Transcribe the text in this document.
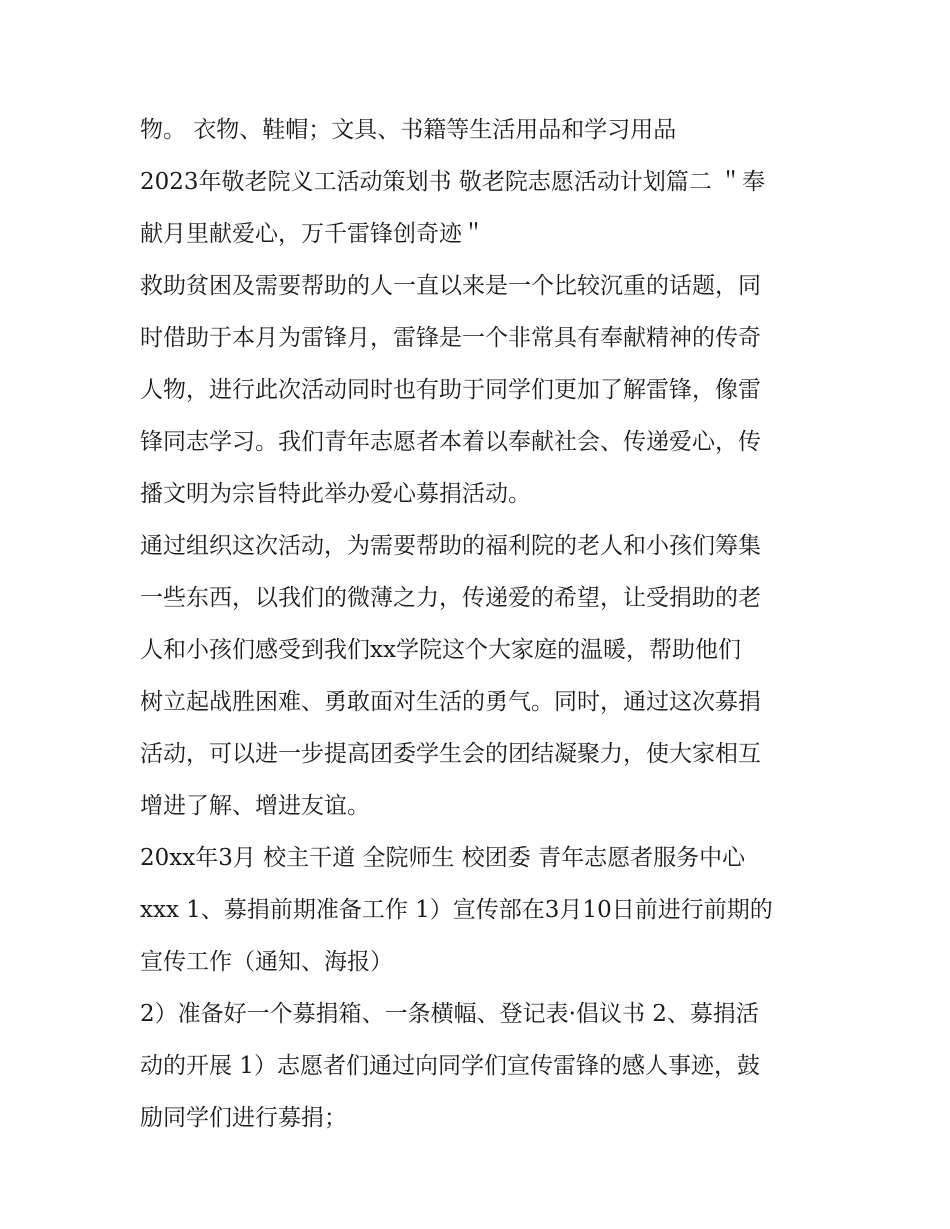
物。 衣物、鞋帽；文具、书籍等生活用品和学习用品
2023年敬老院义工活动策划书 敬老院志愿活动计划篇二 ＂奉
献月里献爱心，万千雷锋创奇迹＂
救助贫困及需要帮助的人一直以来是一个比较沉重的话题，同
时借助于本月为雷锋月，雷锋是一个非常具有奉献精神的传奇
人物，进行此次活动同时也有助于同学们更加了解雷锋，像雷
锋同志学习。我们青年志愿者本着以奉献社会、传递爱心，传
播文明为宗旨特此举办爱心募捐活动。
通过组织这次活动，为需要帮助的福利院的老人和小孩们筹集
一些东西，以我们的微薄之力，传递爱的希望，让受捐助的老
人和小孩们感受到我们xx学院这个大家庭的温暖，帮助他们
树立起战胜困难、勇敢面对生活的勇气。同时，通过这次募捐
活动，可以进一步提高团委学生会的团结凝聚力，使大家相互
增进了解、增进友谊。
20xx年3月 校主干道 全院师生 校团委 青年志愿者服务中心
xxx 1、募捐前期准备工作 1）宣传部在3月10日前进行前期的
宣传工作（通知、海报）
2）准备好一个募捐箱、一条横幅、登记表·倡议书 2、募捐活
动的开展 1）志愿者们通过向同学们宣传雷锋的感人事迹，鼓
励同学们进行募捐；
